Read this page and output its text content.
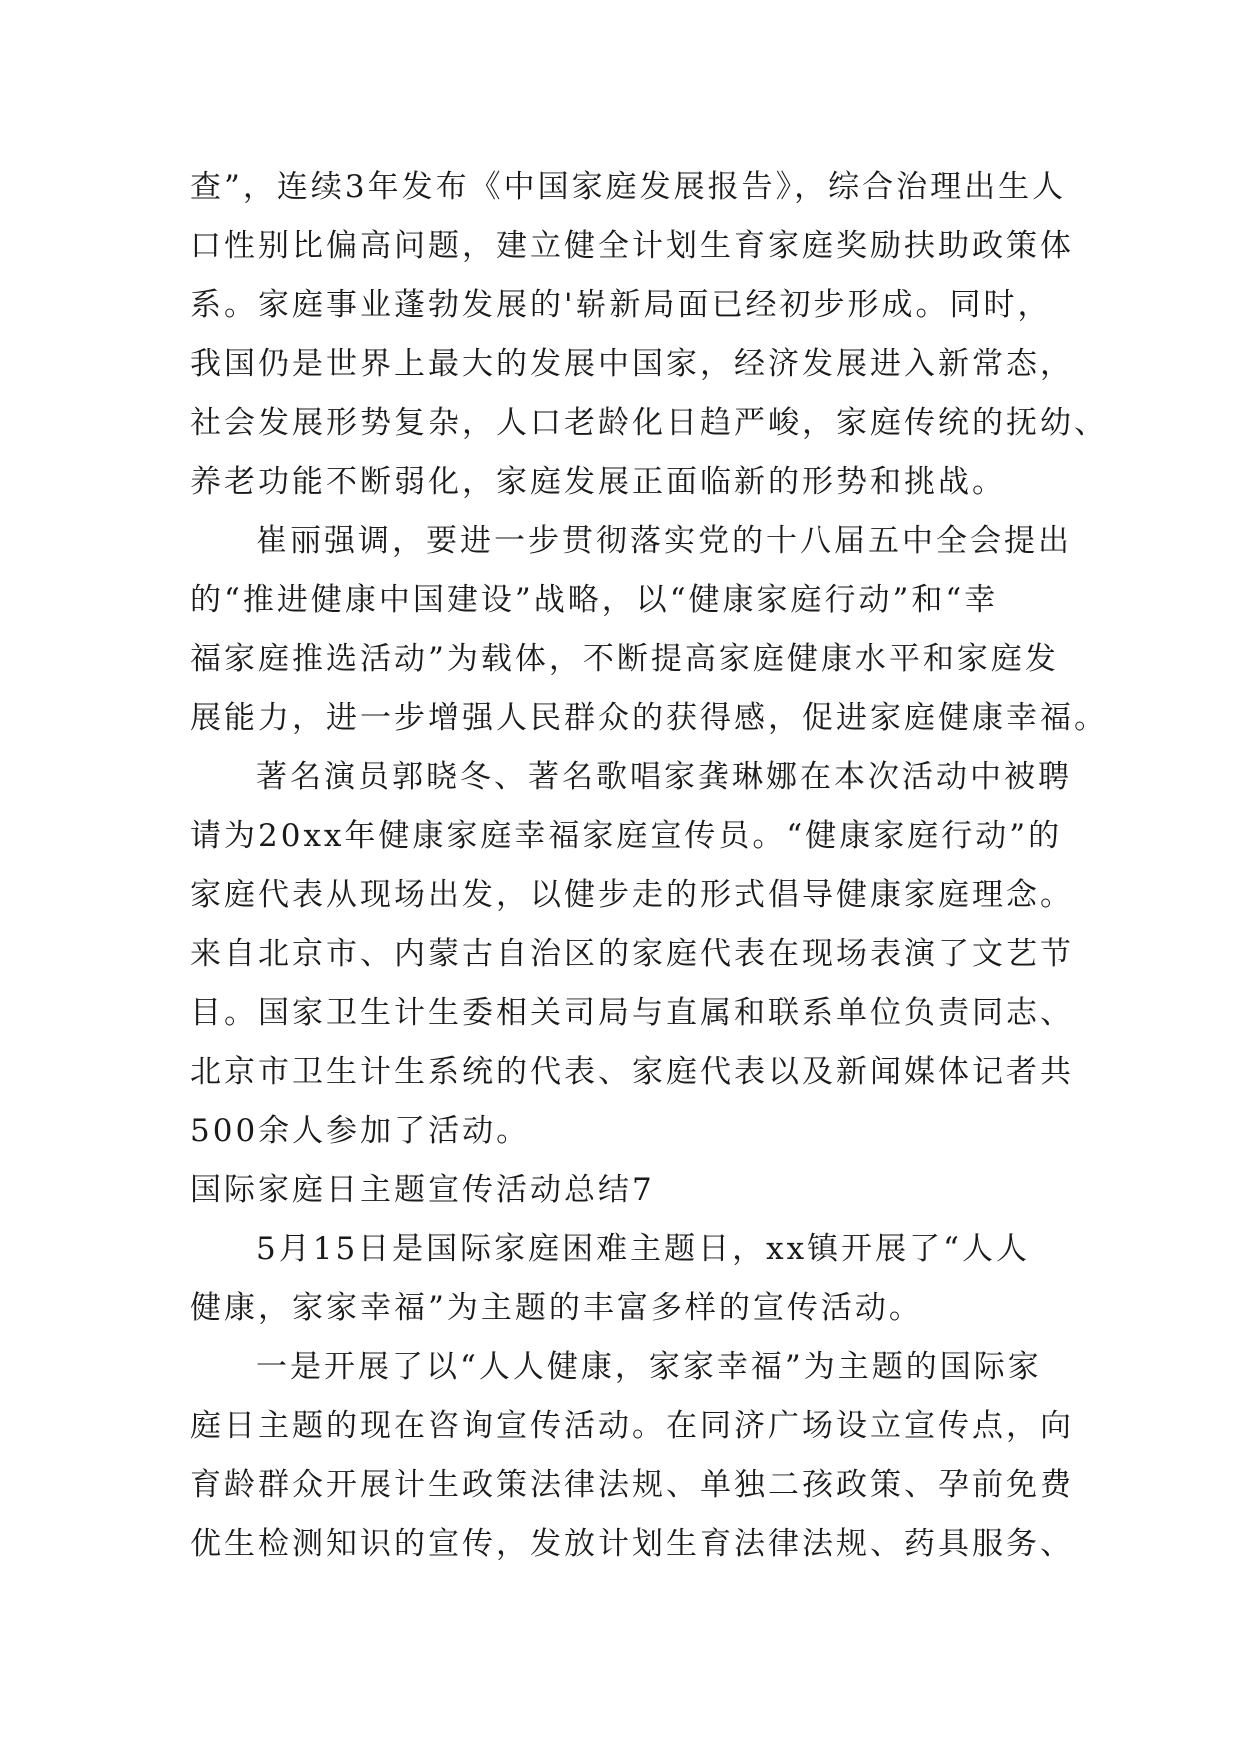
查”，连续3年发布《中国家庭发展报告》，综合治理出生人
口性别比偏高问题，建立健全计划生育家庭奖励扶助政策体
系。家庭事业蓬勃发展的'崭新局面已经初步形成。同时，
我国仍是世界上最大的发展中国家，经济发展进入新常态，
社会发展形势复杂，人口老龄化日趋严峻，家庭传统的抚幼、
养老功能不断弱化，家庭发展正面临新的形势和挑战。
崔丽强调，要进一步贯彻落实党的十八届五中全会提出
的“推进健康中国建设”战略，以“健康家庭行动”和“幸
福家庭推选活动”为载体，不断提高家庭健康水平和家庭发
展能力，进一步增强人民群众的获得感，促进家庭健康幸福。
著名演员郭晓冬、著名歌唱家龚琳娜在本次活动中被聘
请为20xx年健康家庭幸福家庭宣传员。“健康家庭行动”的
家庭代表从现场出发，以健步走的形式倡导健康家庭理念。
来自北京市、内蒙古自治区的家庭代表在现场表演了文艺节
目。国家卫生计生委相关司局与直属和联系单位负责同志、
北京市卫生计生系统的代表、家庭代表以及新闻媒体记者共
500余人参加了活动。
国际家庭日主题宣传活动总结7
5月15日是国际家庭困难主题日，xx镇开展了“人人
健康，家家幸福”为主题的丰富多样的宣传活动。
一是开展了以“人人健康，家家幸福”为主题的国际家
庭日主题的现在咨询宣传活动。在同济广场设立宣传点，向
育龄群众开展计生政策法律法规、单独二孩政策、孕前免费
优生检测知识的宣传，发放计划生育法律法规、药具服务、
